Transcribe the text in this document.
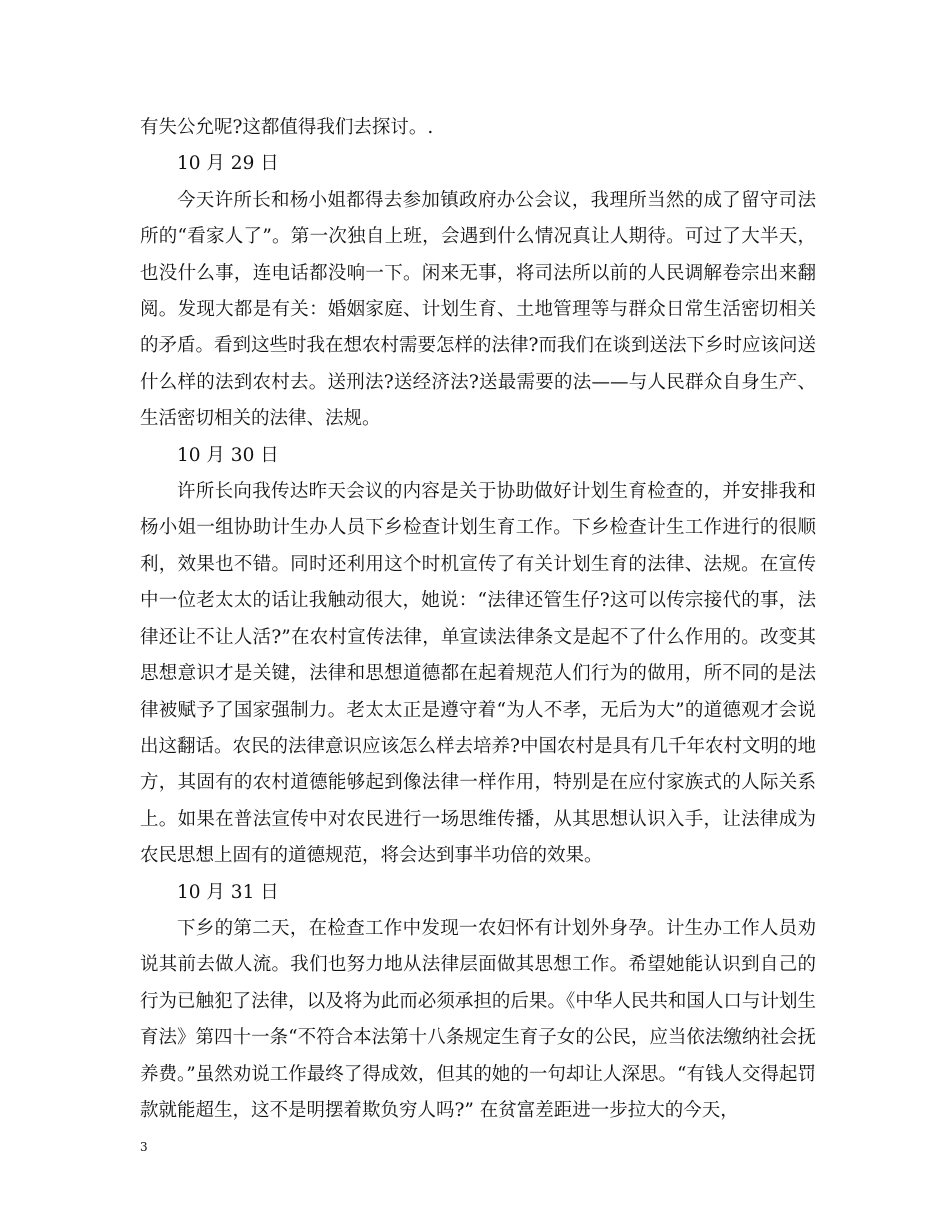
有失公允呢?这都值得我们去探讨。.

10 月 29 日

今天许所长和杨小姐都得去参加镇政府办公会议，我理所当然的成了留守司法所的“看家人了”。第一次独自上班，会遇到什么情况真让人期待。可过了大半天，也没什么事，连电话都没响一下。闲来无事，将司法所以前的人民调解卷宗出来翻阅。发现大都是有关：婚姻家庭、计划生育、土地管理等与群众日常生活密切相关的矛盾。看到这些时我在想农村需要怎样的法律?而我们在谈到送法下乡时应该问送什么样的法到农村去。送刑法?送经济法?送最需要的法——与人民群众自身生产、生活密切相关的法律、法规。

10 月 30 日

许所长向我传达昨天会议的内容是关于协助做好计划生育检查的，并安排我和杨小姐一组协助计生办人员下乡检查计划生育工作。下乡检查计生工作进行的很顺利，效果也不错。同时还利用这个时机宣传了有关计划生育的法律、法规。在宣传中一位老太太的话让我触动很大，她说：“法律还管生仔?这可以传宗接代的事，法律还让不让人活?”在农村宣传法律，单宣读法律条文是起不了什么作用的。改变其思想意识才是关键，法律和思想道德都在起着规范人们行为的做用，所不同的是法律被赋予了国家强制力。老太太正是遵守着“为人不孝，无后为大”的道德观才会说出这翻话。农民的法律意识应该怎么样去培养?中国农村是具有几千年农村文明的地方，其固有的农村道德能够起到像法律一样作用，特别是在应付家族式的人际关系上。如果在普法宣传中对农民进行一场思维传播，从其思想认识入手，让法律成为农民思想上固有的道德规范，将会达到事半功倍的效果。

10 月 31 日

下乡的第二天，在检查工作中发现一农妇怀有计划外身孕。计生办工作人员劝说其前去做人流。我们也努力地从法律层面做其思想工作。希望她能认识到自己的行为已触犯了法律，以及将为此而必须承担的后果。《中华人民共和国人口与计划生育法》第四十一条“不符合本法第十八条规定生育子女的公民，应当依法缴纳社会抚养费。”虽然劝说工作最终了得成效，但其的她的一句却让人深思。“有钱人交得起罚款就能超生，这不是明摆着欺负穷人吗?” 在贫富差距进一步拉大的今天，

3
